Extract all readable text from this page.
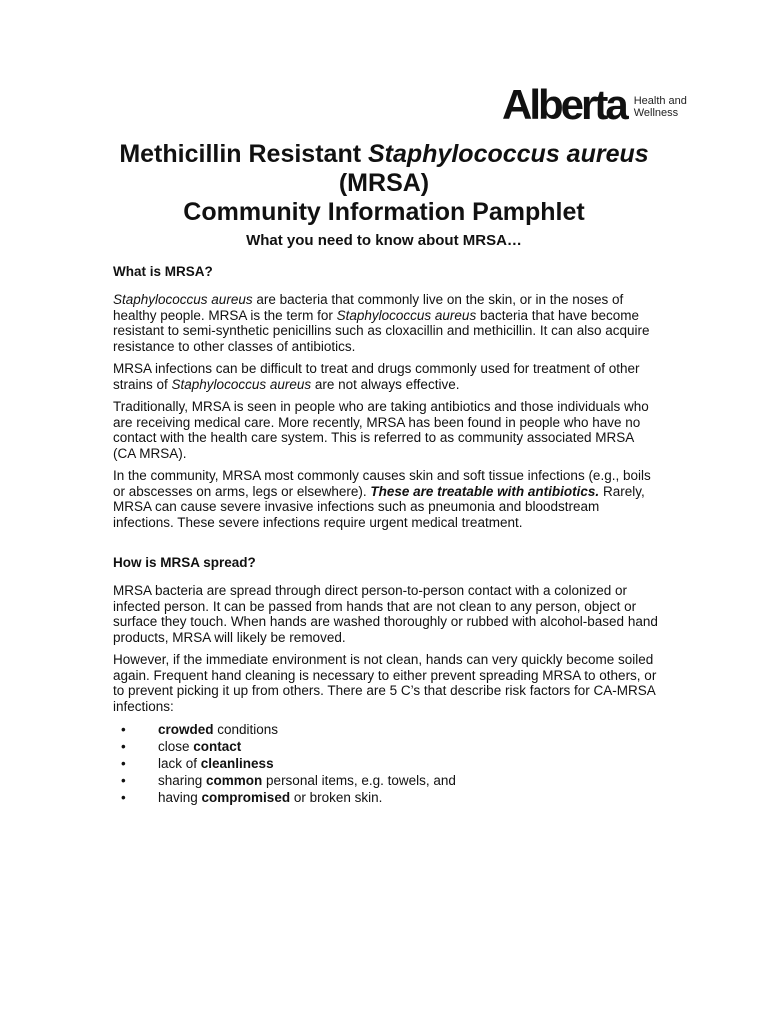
Alberta Health and
Wellness
Methicillin Resistant Staphylococcus aureus
(MRSA)
Community Information Pamphlet
What you need to know about MRSA…
What is MRSA?

Staphylococcus aureus are bacteria that commonly live on the skin, or in the noses of healthy people. MRSA is the term for Staphylococcus aureus bacteria that have become resistant to semi-synthetic penicillins such as cloxacillin and methicillin. It can also acquire resistance to other classes of antibiotics.

MRSA infections can be difficult to treat and drugs commonly used for treatment of other strains of Staphylococcus aureus are not always effective.

Traditionally, MRSA is seen in people who are taking antibiotics and those individuals who are receiving medical care. More recently, MRSA has been found in people who have no contact with the health care system. This is referred to as community associated MRSA (CA MRSA).

In the community, MRSA most commonly causes skin and soft tissue infections (e.g., boils or abscesses on arms, legs or elsewhere). These are treatable with antibiotics. Rarely, MRSA can cause severe invasive infections such as pneumonia and bloodstream infections. These severe infections require urgent medical treatment.

How is MRSA spread?

MRSA bacteria are spread through direct person-to-person contact with a colonized or infected person. It can be passed from hands that are not clean to any person, object or surface they touch. When hands are washed thoroughly or rubbed with alcohol-based hand products, MRSA will likely be removed.

However, if the immediate environment is not clean, hands can very quickly become soiled again. Frequent hand cleaning is necessary to either prevent spreading MRSA to others, or to prevent picking it up from others. There are 5 C’s that describe risk factors for CA-MRSA infections:

• crowded conditions
• close contact
• lack of cleanliness
• sharing common personal items, e.g. towels, and
• having compromised or broken skin.
